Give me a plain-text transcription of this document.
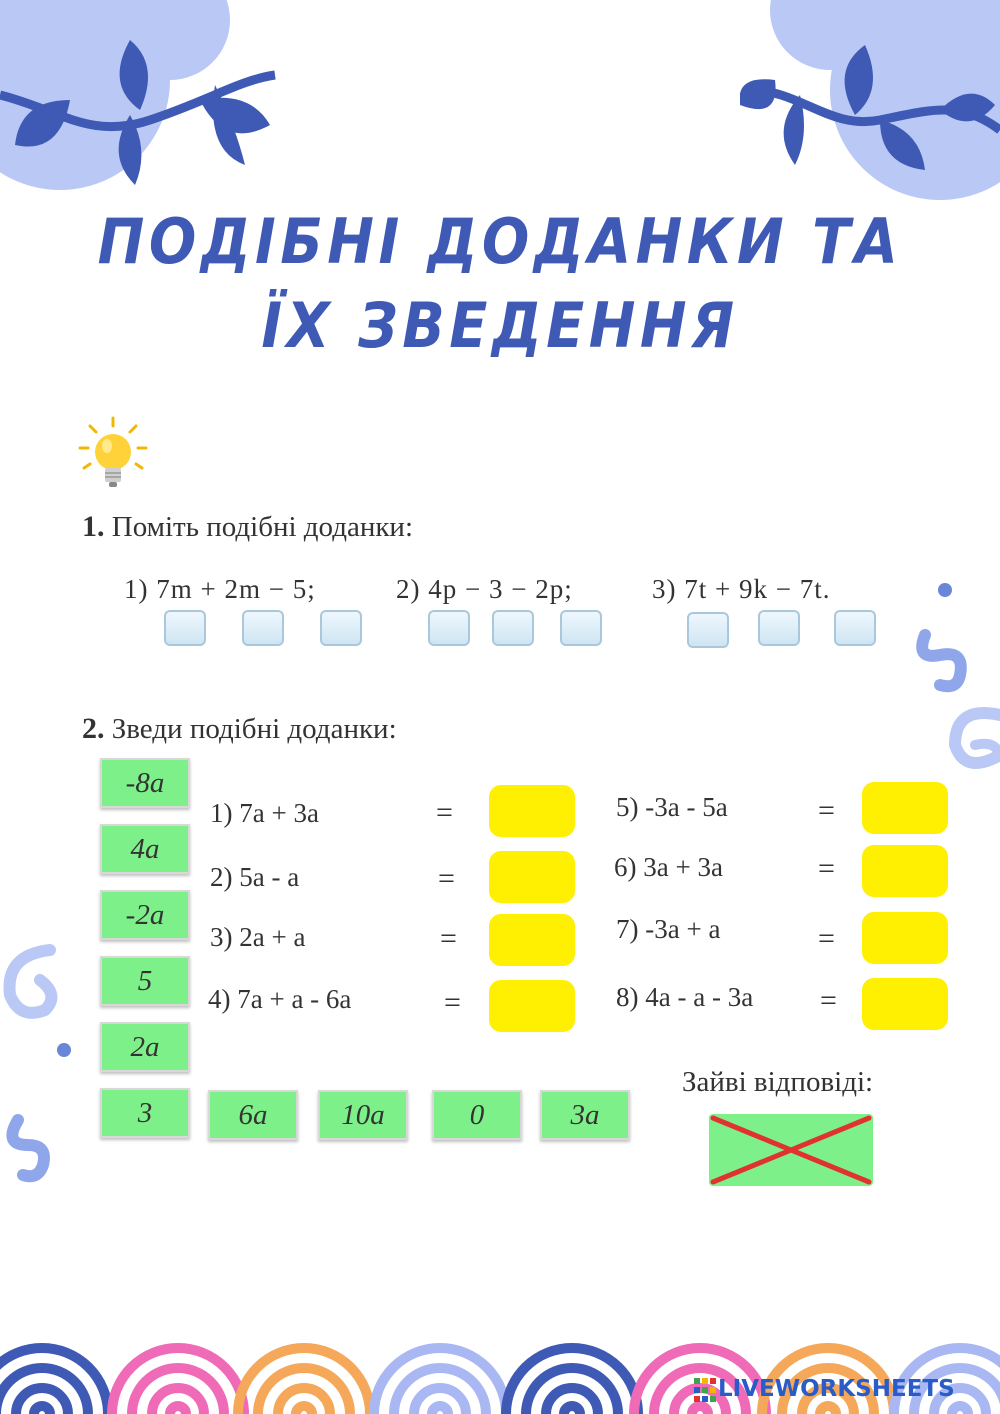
ПОДІБНІ ДОДАНКИ ТА
ЇХ ЗВЕДЕННЯ
1. Поміть подібні доданки:
1) 7m + 2m − 5;	2) 4p − 3 − 2p;	3) 7t + 9k − 7t.
2. Зведи подібні доданки:
-8a
4a
-2a
5
2a
3	6a	10a	0	3a
1) 7a + 3a
2) 5a - a
3) 2a + a
4) 7a + a - 6a
=
=
=
=
5) -3a - 5a
6) 3a + 3a
7) -3a + a
8) 4a - a - 3a
=
=
=
=
Зайві відповіді:
LIVEWORKSHEETS
